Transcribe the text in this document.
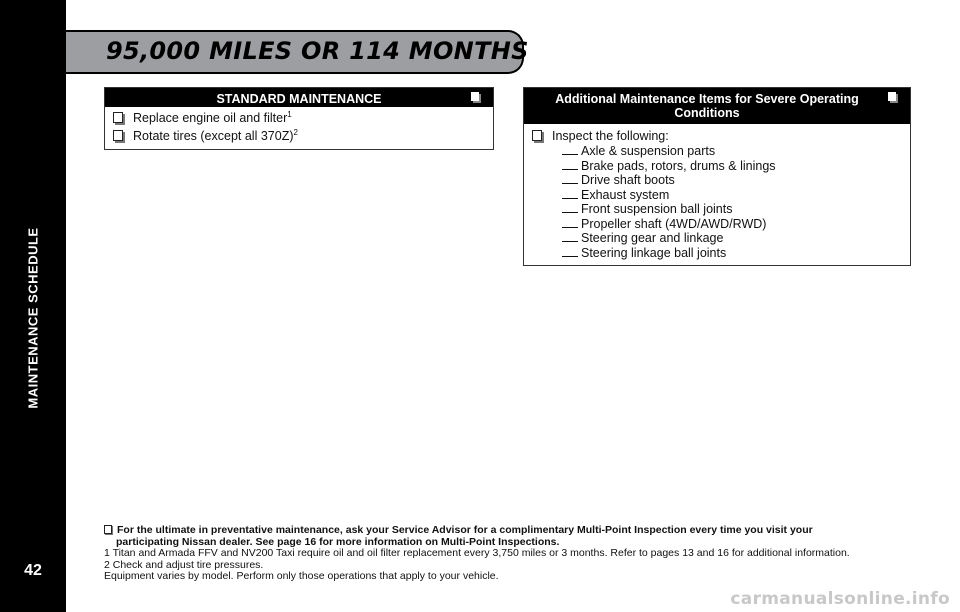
MAINTENANCE SCHEDULE
42
95,000 MILES OR 114 MONTHS
STANDARD MAINTENANCE
Replace engine oil and filter$^1$
Rotate tires (except all 370Z)$^2$
Additional Maintenance Items for Severe Operating Conditions
Inspect the following:
Axle & suspension parts
Brake pads, rotors, drums & linings
Drive shaft boots
Exhaust system
Front suspension ball joints
Propeller shaft (4WD/AWD/RWD)
Steering gear and linkage
Steering linkage ball joints
For the ultimate in preventative maintenance, ask your Service Advisor for a complimentary Multi-Point Inspection every time you visit your
participating Nissan dealer. See page 16 for more information on Multi-Point Inspections.
1 Titan and Armada FFV and NV200 Taxi require oil and oil filter replacement every 3,750 miles or 3 months. Refer to pages 13 and 16 for additional information.
2 Check and adjust tire pressures.
Equipment varies by model. Perform only those operations that apply to your vehicle.
carmanualsonline.info
